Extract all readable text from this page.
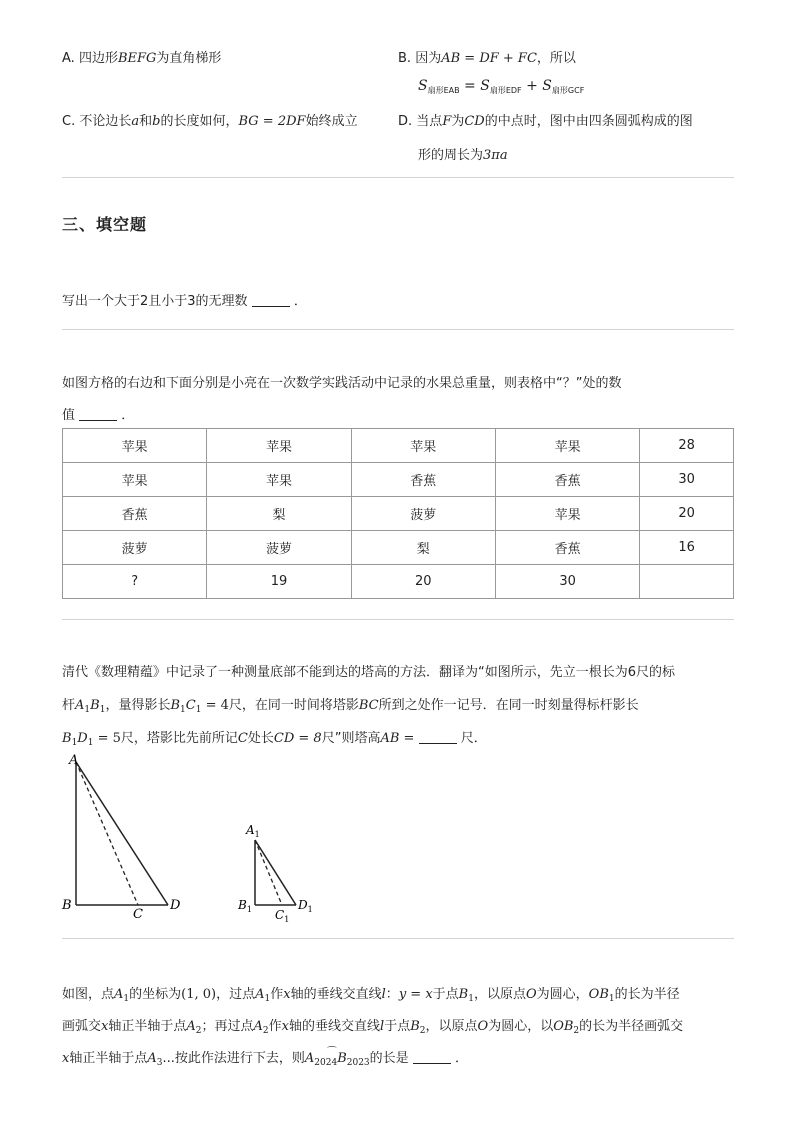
A. 四边形BEFG为直角梯形	B. 因为AB = DF + FC，所以
$S_{扇形EAB} = S_{扇形EDF} + S_{扇形GCF}$
C. 不论边长a和b的长度如何，BG = 2DF始终成立	D. 当点F为CD的中点时，图中由四条圆弧构成的图
形的周长为3πa
三、填空题
写出一个大于2且小于3的无理数	．
如图方格的右边和下面分别是小亮在一次数学实践活动中记录的水果总重量，则表格中“？”处的数
值	．
苹果	苹果	苹果	苹果	28
苹果	苹果	香蕉	香蕉	30
香蕉	梨	菠萝	苹果	20
菠萝	菠萝	梨	香蕉	16
?	19	20	30	
清代《数理精蕴》中记录了一种测量底部不能到达的塔高的方法．翻译为“如图所示，先立一根长为6尺的标
杆$A_1B_1$，量得影长$B_1C_1 = 4$尺，在同一时间将塔影BC所到之处作一记号．在同一时刻量得标杆影长
$B_1D_1 = 5$尺，塔影比先前所记C处长CD = 8尺”则塔高AB =	尺．
A
B
C
D
$A_1$
$B_1$ $C_1$
$D_1$
如图，点$A_1$的坐标为(1, 0)，过点$A_1$作x轴的垂线交直线l：y = x于点$B_1$，以原点O为圆心，$OB_1$的长为半径
画弧交x轴正半轴于点$A_2$；再过点$A_2$作x轴的垂线交直线l于点$B_2$，以原点O为圆心，以$OB_2$的长为半径画弧交
x轴正半轴于点$A_3$...按此作法进行下去，则 ⌒
$A_{2024}B_{2023}$的长是	．
